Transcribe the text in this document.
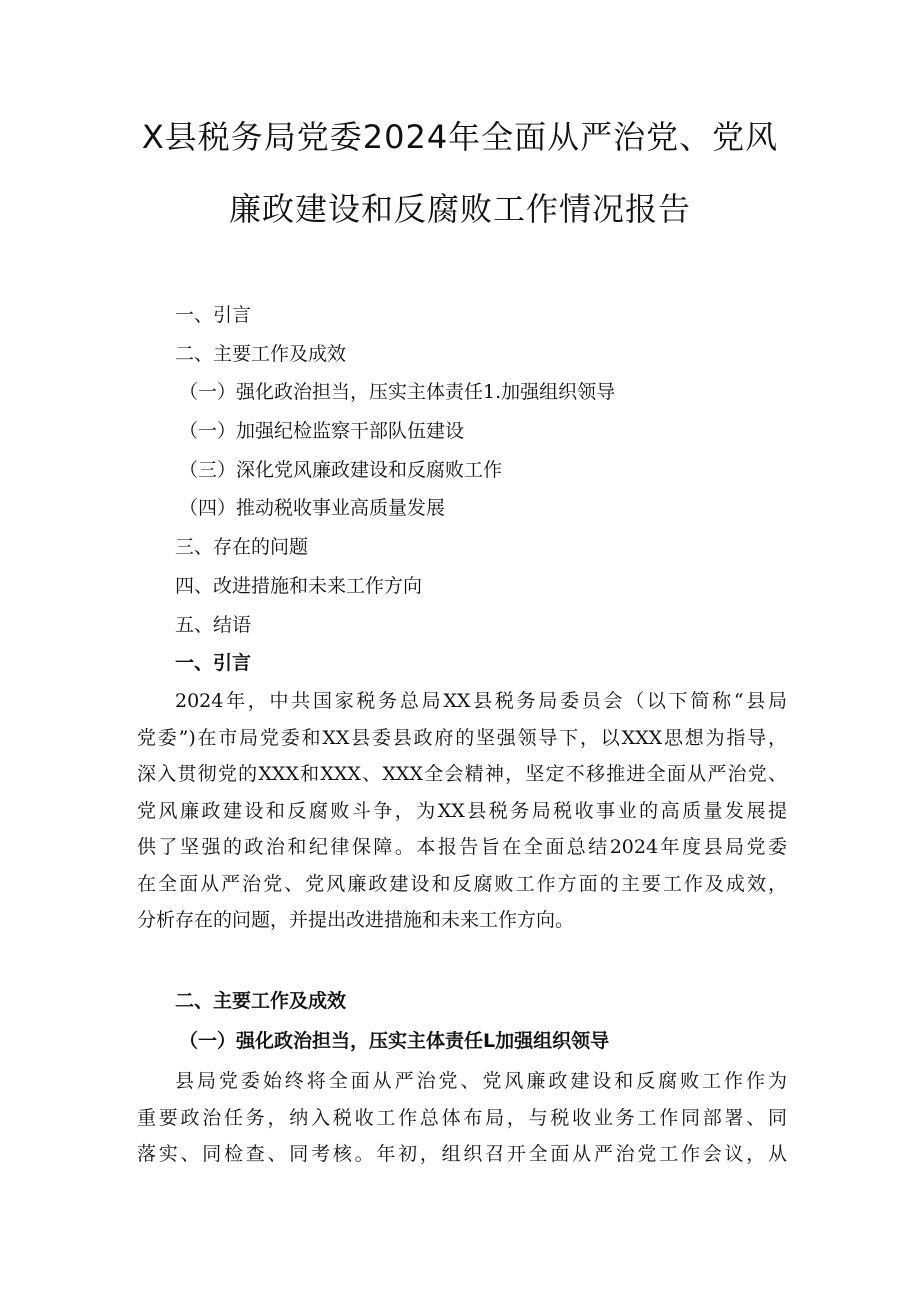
X县税务局党委2024年全面从严治党、党风
廉政建设和反腐败工作情况报告
一、引言
二、主要工作及成效
（一）强化政治担当，压实主体责任1.加强组织领导
（一）加强纪检监察干部队伍建设
（三）深化党风廉政建设和反腐败工作
（四）推动税收事业高质量发展
三、存在的问题
四、改进措施和未来工作方向
五、结语
一、引言

2024年，中共国家税务总局XX县税务局委员会（以下简称“县局
党委”)在市局党委和XX县委县政府的坚强领导下，以XXX思想为指导，
深入贯彻党的XXX和XXX、XXX全会精神，坚定不移推进全面从严治党、
党风廉政建设和反腐败斗争，为XX县税务局税收事业的高质量发展提
供了坚强的政治和纪律保障。本报告旨在全面总结2024年度县局党委
在全面从严治党、党风廉政建设和反腐败工作方面的主要工作及成效，
分析存在的问题，并提出改进措施和未来工作方向。

二、主要工作及成效
（一）强化政治担当，压实主体责任L加强组织领导

县局党委始终将全面从严治党、党风廉政建设和反腐败工作作为
重要政治任务，纳入税收工作总体布局，与税收业务工作同部署、同
落实、同检查、同考核。年初，组织召开全面从严治党工作会议，从
